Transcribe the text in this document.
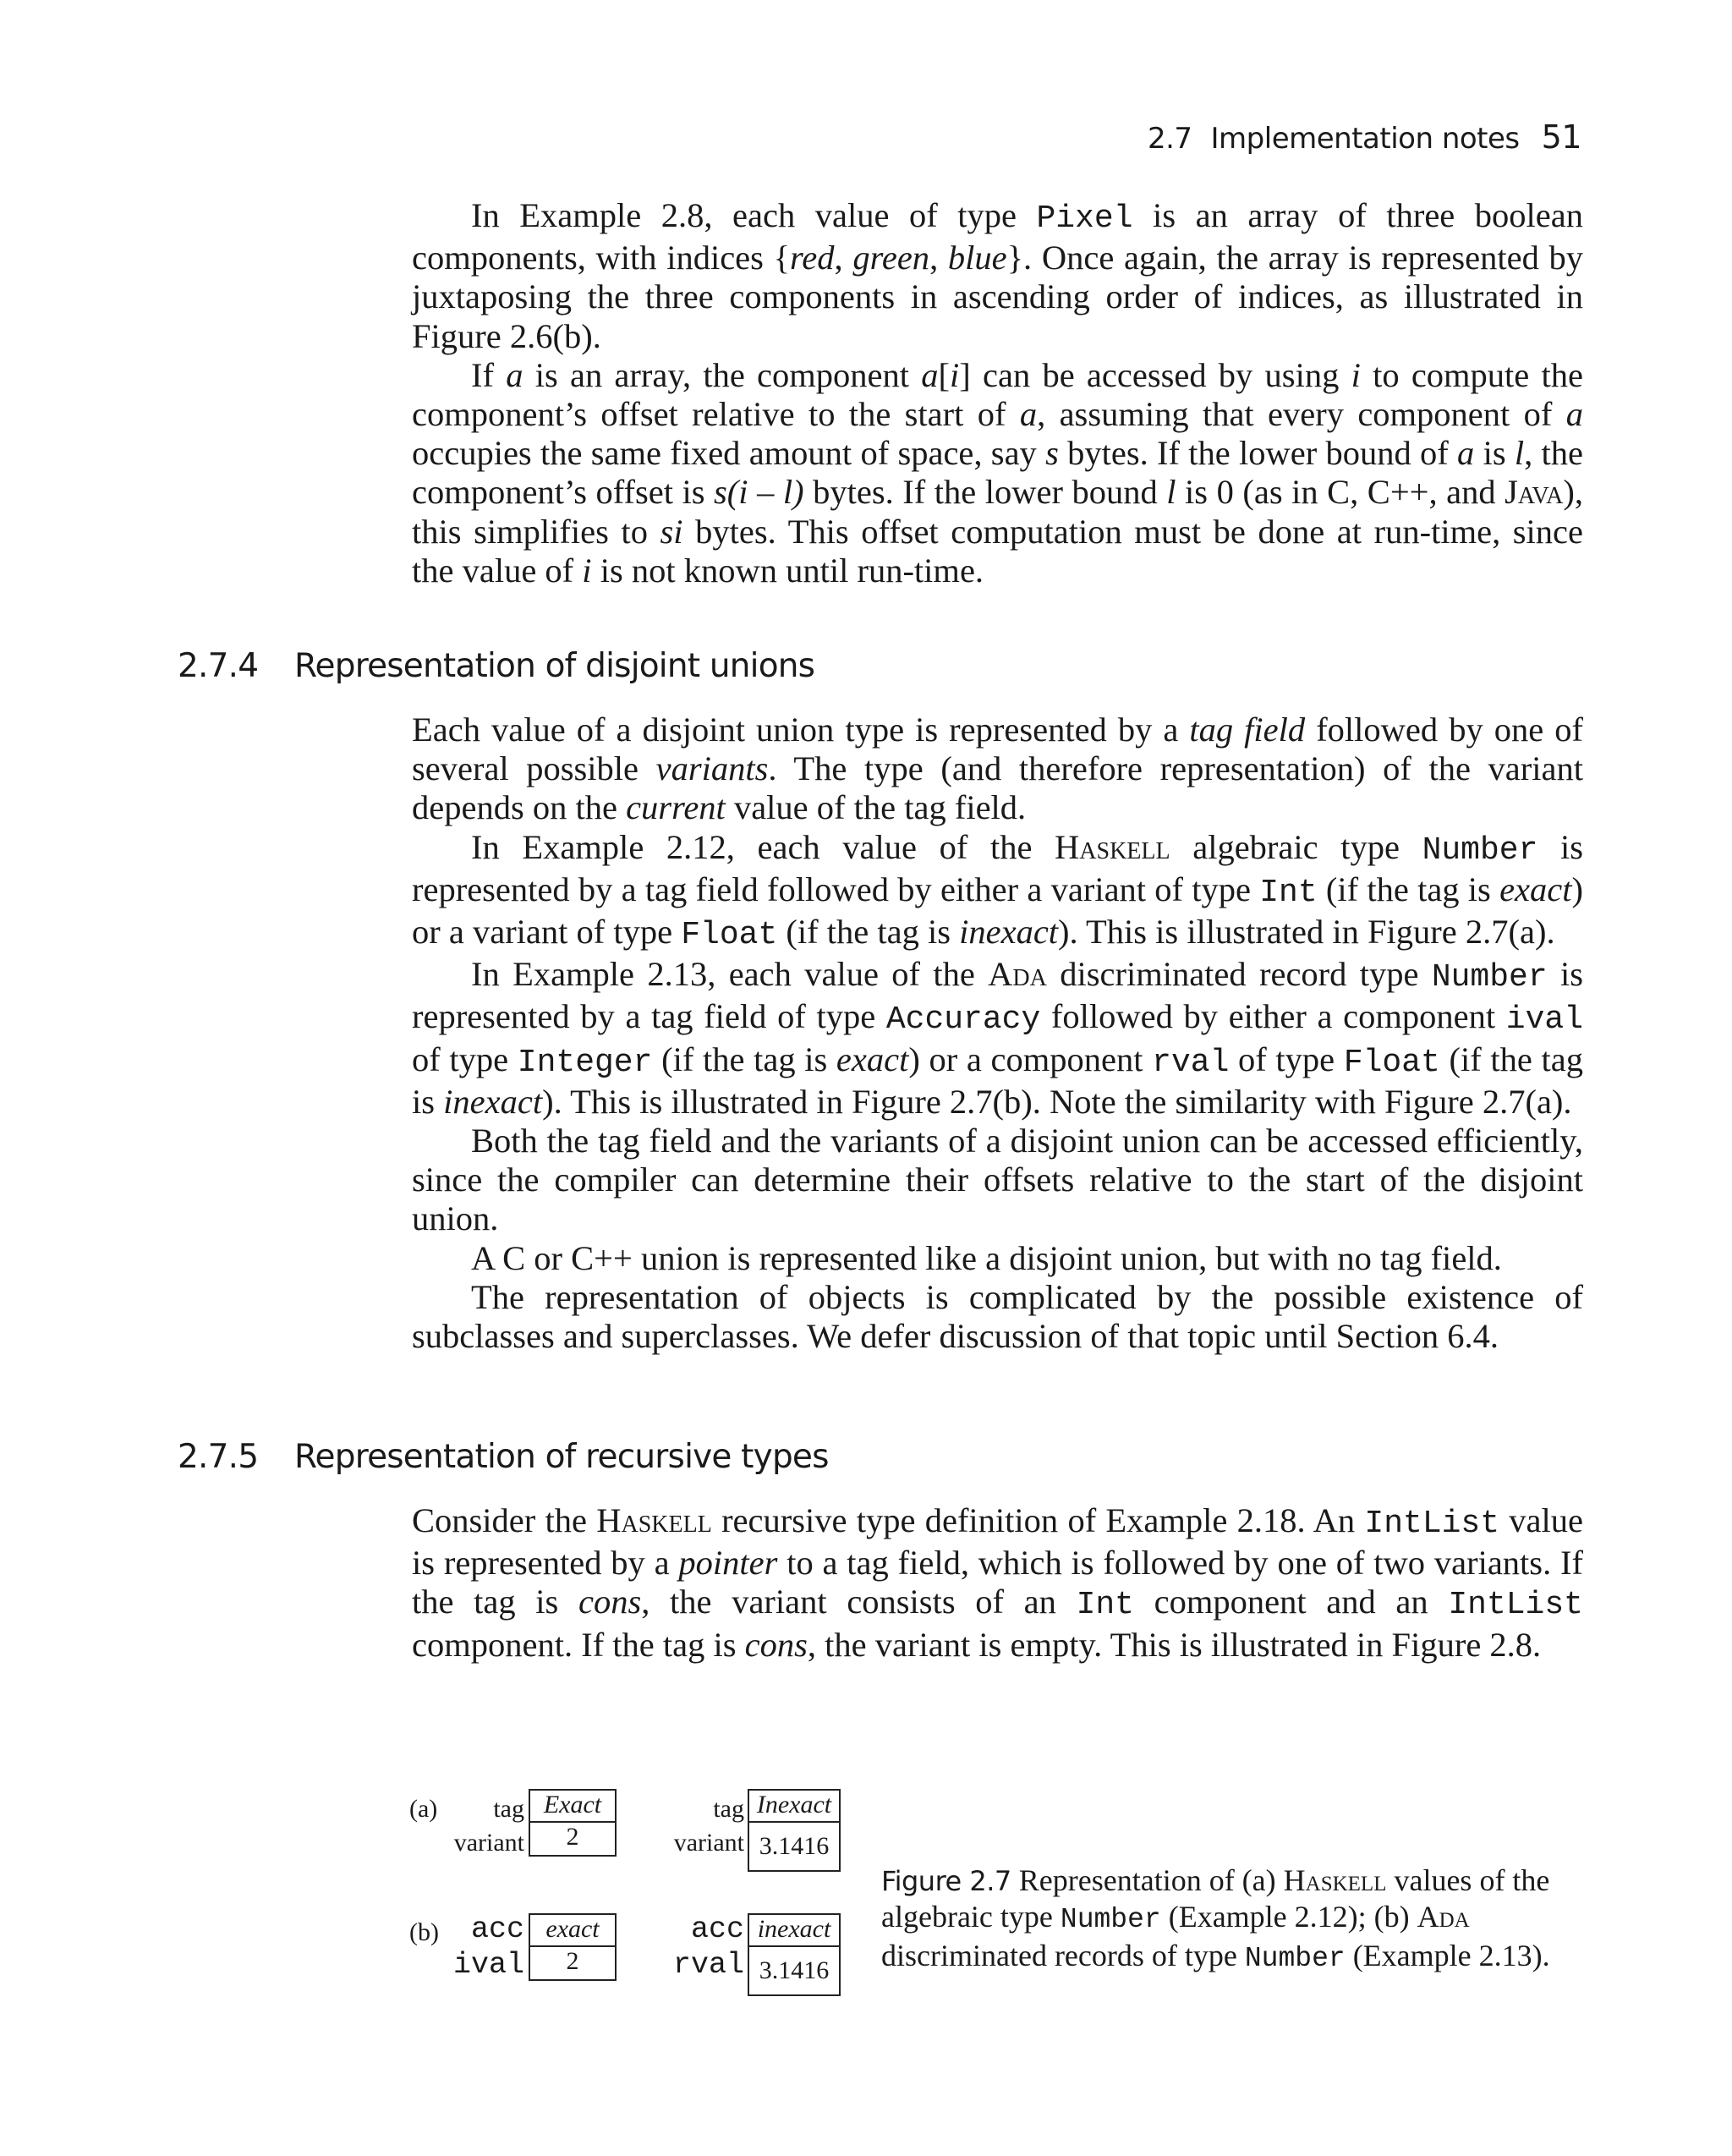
2.7 Implementation notes 51

In Example 2.8, each value of type Pixel is an array of three boolean components, with indices {red, green, blue}. Once again, the array is represented by juxtaposing the three components in ascending order of indices, as illustrated in Figure 2.6(b).

If a is an array, the component a[i] can be accessed by using i to compute the component’s offset relative to the start of a, assuming that every component of a occupies the same fixed amount of space, say s bytes. If the lower bound of a is l, the component’s offset is s(i – l) bytes. If the lower bound l is 0 (as in C, C++, and Java), this simplifies to si bytes. This offset computation must be done at run-time, since the value of i is not known until run-time.

2.7.4 Representation of disjoint unions

Each value of a disjoint union type is represented by a tag field followed by one of several possible variants. The type (and therefore representation) of the variant depends on the current value of the tag field.

In Example 2.12, each value of the Haskell algebraic type Number is represented by a tag field followed by either a variant of type Int (if the tag is exact) or a variant of type Float (if the tag is inexact). This is illustrated in Figure 2.7(a).

In Example 2.13, each value of the Ada discriminated record type Number is represented by a tag field of type Accuracy followed by either a component ival of type Integer (if the tag is exact) or a component rval of type Float (if the tag is inexact). This is illustrated in Figure 2.7(b). Note the similarity with Figure 2.7(a).

Both the tag field and the variants of a disjoint union can be accessed efficiently, since the compiler can determine their offsets relative to the start of the disjoint union.

A C or C++ union is represented like a disjoint union, but with no tag field.

The representation of objects is complicated by the possible existence of subclasses and superclasses. We defer discussion of that topic until Section 6.4.

2.7.5 Representation of recursive types

Consider the Haskell recursive type definition of Example 2.18. An IntList value is represented by a pointer to a tag field, which is followed by one of two variants. If the tag is cons, the variant consists of an Int component and an IntList component. If the tag is cons, the variant is empty. This is illustrated in Figure 2.8.

(a)	tag Exact
variant	2
tag Inexact
variant 3.1416
(b)	acc exact
ival	2
acc inexact
rval 3.1416
Figure 2.7 Representation of (a) Haskell values of the algebraic type Number (Example 2.12); (b) Ada discriminated records of type Number (Example 2.13).
